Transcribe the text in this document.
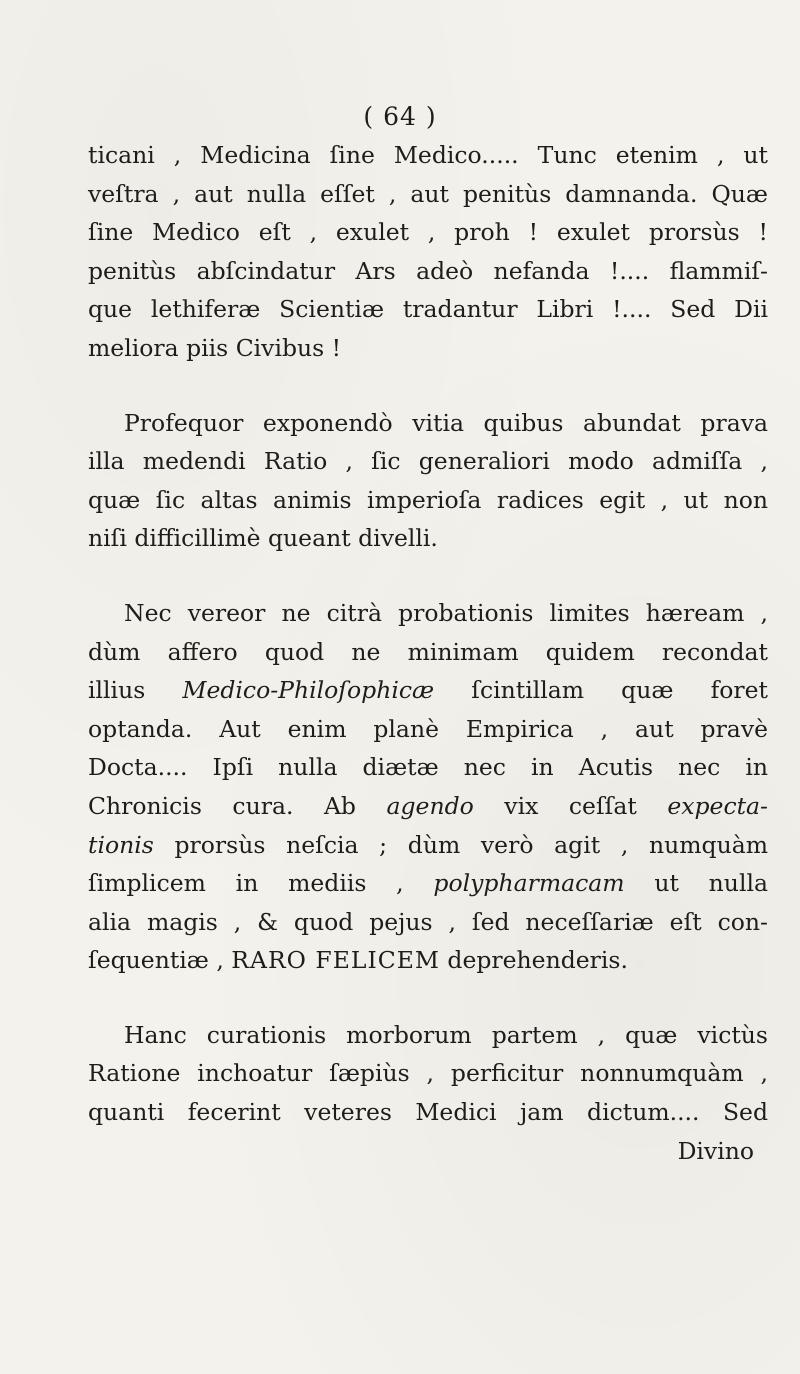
( 64 )
ticani , Medicina ſine Medico..... Tunc etenim , ut
veſtra , aut nulla eſſet , aut penitùs damnanda. Quæ
ſine Medico eſt , exulet , proh ! exulet prorsùs !
penitùs abſcindatur Ars adeò nefanda !.... flammiſ-
que lethiferæ Scientiæ tradantur Libri !.... Sed Dii
meliora piis Civibus !
Profequor exponendò vitia quibus abundat prava
illa medendi Ratio , ſic generaliori modo admiſſa ,
quæ ſic altas animis imperioſa radices egit , ut non
niſi difficillimè queant divelli.
Nec vereor ne citrà probationis limites hæream ,
dùm affero quod ne minimam quidem recondat
illius Medico-Philoſophicæ ſcintillam quæ foret
optanda. Aut enim planè Empirica , aut pravè
Docta.... Ipſi nulla diætæ nec in Acutis nec in
Chronicis cura. Ab agendo vix ceſſat expecta-
tionis prorsùs neſcia ; dùm verò agit , numquàm
ſimplicem in mediis , polypharmacam ut nulla
alia magis , & quod pejus , ſed neceſſariæ eſt con-
ſequentiæ , RARO FELICEM deprehenderis.
Hanc curationis morborum partem , quæ victùs
Ratione inchoatur ſæpiùs , perficitur nonnumquàm ,
quanti fecerint veteres Medici jam dictum.... Sed
Divino
